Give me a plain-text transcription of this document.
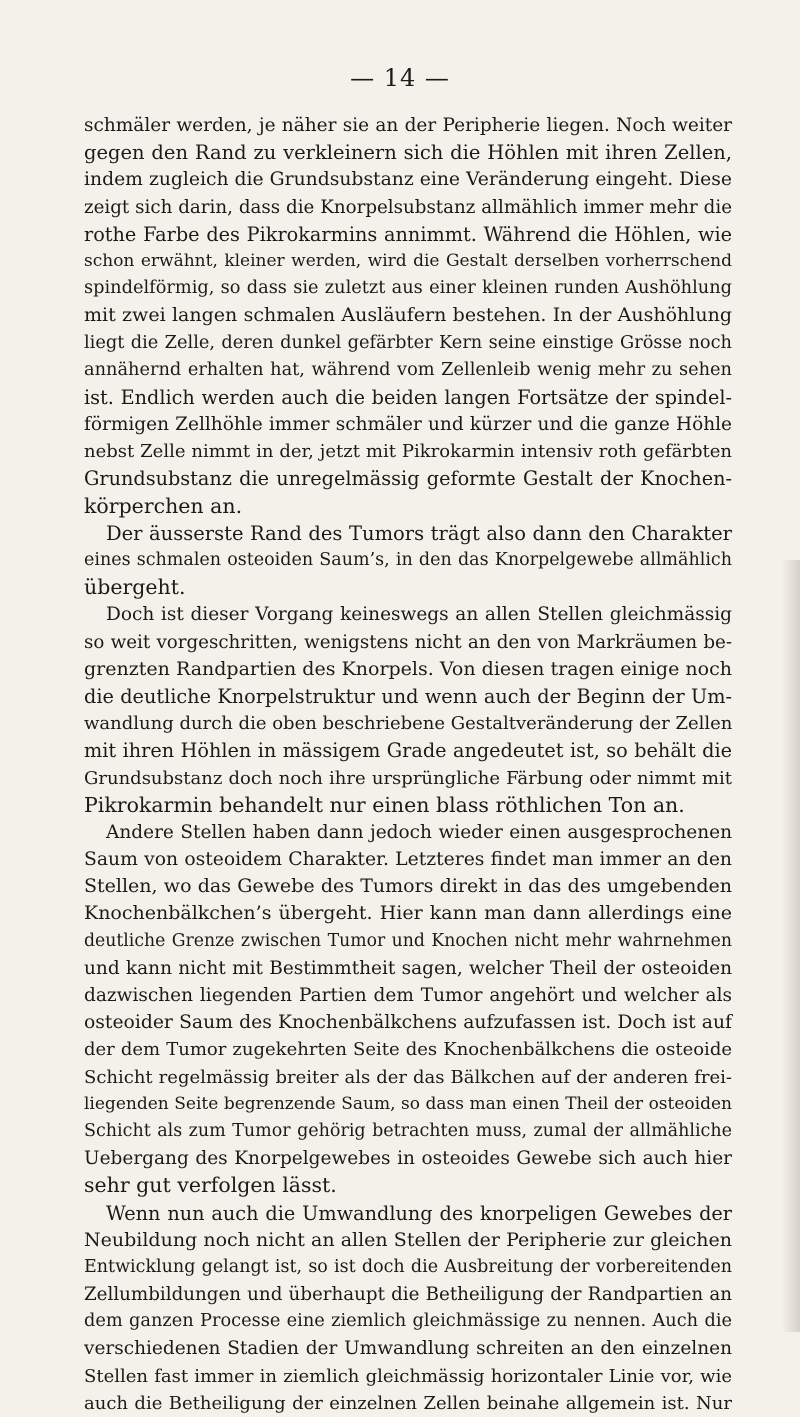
— 14 —
schmäler werden, je näher sie an der Peripherie liegen. Noch weiter
gegen den Rand zu verkleinern sich die Höhlen mit ihren Zellen,
indem zugleich die Grundsubstanz eine Veränderung eingeht. Diese
zeigt sich darin, dass die Knorpelsubstanz allmählich immer mehr die
rothe Farbe des Pikrokarmins annimmt. Während die Höhlen, wie
schon erwähnt, kleiner werden, wird die Gestalt derselben vorherrschend
spindelförmig, so dass sie zuletzt aus einer kleinen runden Aushöhlung
mit zwei langen schmalen Ausläufern bestehen. In der Aushöhlung
liegt die Zelle, deren dunkel gefärbter Kern seine einstige Grösse noch
annähernd erhalten hat, während vom Zellenleib wenig mehr zu sehen
ist. Endlich werden auch die beiden langen Fortsätze der spindel-
förmigen Zellhöhle immer schmäler und kürzer und die ganze Höhle
nebst Zelle nimmt in der, jetzt mit Pikrokarmin intensiv roth gefärbten
Grundsubstanz die unregelmässig geformte Gestalt der Knochen-
körperchen an.
Der äusserste Rand des Tumors trägt also dann den Charakter
eines schmalen osteoiden Saum’s, in den das Knorpelgewebe allmählich
übergeht.
Doch ist dieser Vorgang keineswegs an allen Stellen gleichmässig
so weit vorgeschritten, wenigstens nicht an den von Markräumen be-
grenzten Randpartien des Knorpels. Von diesen tragen einige noch
die deutliche Knorpelstruktur und wenn auch der Beginn der Um-
wandlung durch die oben beschriebene Gestaltveränderung der Zellen
mit ihren Höhlen in mässigem Grade angedeutet ist, so behält die
Grundsubstanz doch noch ihre ursprüngliche Färbung oder nimmt mit
Pikrokarmin behandelt nur einen blass röthlichen Ton an.
Andere Stellen haben dann jedoch wieder einen ausgesprochenen
Saum von osteoidem Charakter. Letzteres findet man immer an den
Stellen, wo das Gewebe des Tumors direkt in das des umgebenden
Knochenbälkchen’s übergeht. Hier kann man dann allerdings eine
deutliche Grenze zwischen Tumor und Knochen nicht mehr wahrnehmen
und kann nicht mit Bestimmtheit sagen, welcher Theil der osteoiden
dazwischen liegenden Partien dem Tumor angehört und welcher als
osteoider Saum des Knochenbälkchens aufzufassen ist. Doch ist auf
der dem Tumor zugekehrten Seite des Knochenbälkchens die osteoide
Schicht regelmässig breiter als der das Bälkchen auf der anderen frei-
liegenden Seite begrenzende Saum, so dass man einen Theil der osteoiden
Schicht als zum Tumor gehörig betrachten muss, zumal der allmähliche
Uebergang des Knorpelgewebes in osteoides Gewebe sich auch hier
sehr gut verfolgen lässt.
Wenn nun auch die Umwandlung des knorpeligen Gewebes der
Neubildung noch nicht an allen Stellen der Peripherie zur gleichen
Entwicklung gelangt ist, so ist doch die Ausbreitung der vorbereitenden
Zellumbildungen und überhaupt die Betheiligung der Randpartien an
dem ganzen Processe eine ziemlich gleichmässige zu nennen. Auch die
verschiedenen Stadien der Umwandlung schreiten an den einzelnen
Stellen fast immer in ziemlich gleichmässig horizontaler Linie vor, wie
auch die Betheiligung der einzelnen Zellen beinahe allgemein ist. Nur
